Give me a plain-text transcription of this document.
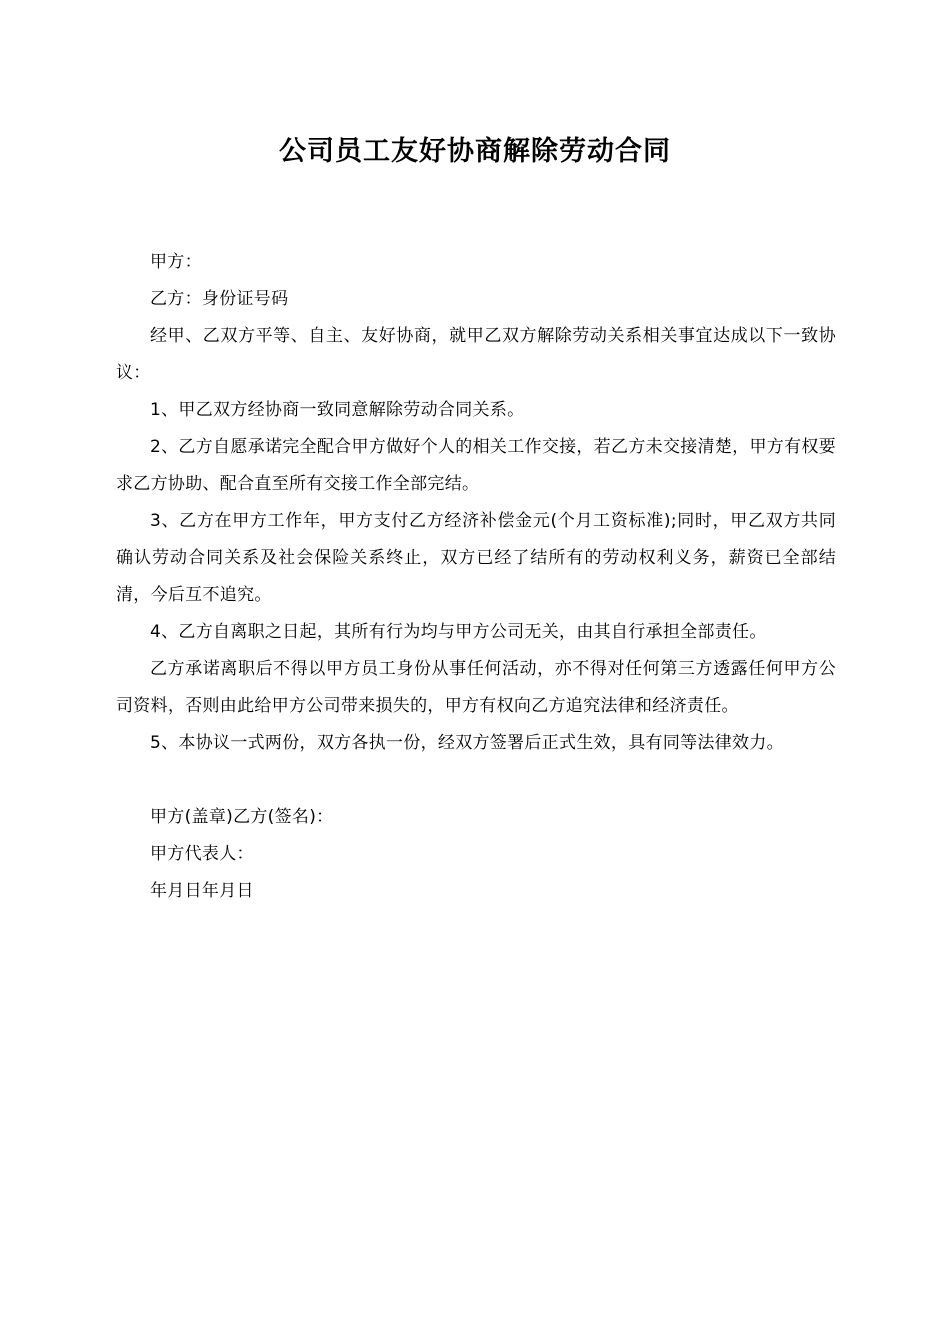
公司员工友好协商解除劳动合同

甲方：

乙方：身份证号码

经甲、乙双方平等、自主、友好协商，就甲乙双方解除劳动关系相关事宜达成以下一致协议：

1、甲乙双方经协商一致同意解除劳动合同关系。

2、乙方自愿承诺完全配合甲方做好个人的相关工作交接，若乙方未交接清楚，甲方有权要求乙方协助、配合直至所有交接工作全部完结。

3、乙方在甲方工作年，甲方支付乙方经济补偿金元(个月工资标准);同时，甲乙双方共同确认劳动合同关系及社会保险关系终止，双方已经了结所有的劳动权利义务，薪资已全部结清，今后互不追究。

4、乙方自离职之日起，其所有行为均与甲方公司无关，由其自行承担全部责任。

乙方承诺离职后不得以甲方员工身份从事任何活动，亦不得对任何第三方透露任何甲方公司资料，否则由此给甲方公司带来损失的，甲方有权向乙方追究法律和经济责任。

5、本协议一式两份，双方各执一份，经双方签署后正式生效，具有同等法律效力。

甲方(盖章)乙方(签名)：

甲方代表人：

年月日年月日
